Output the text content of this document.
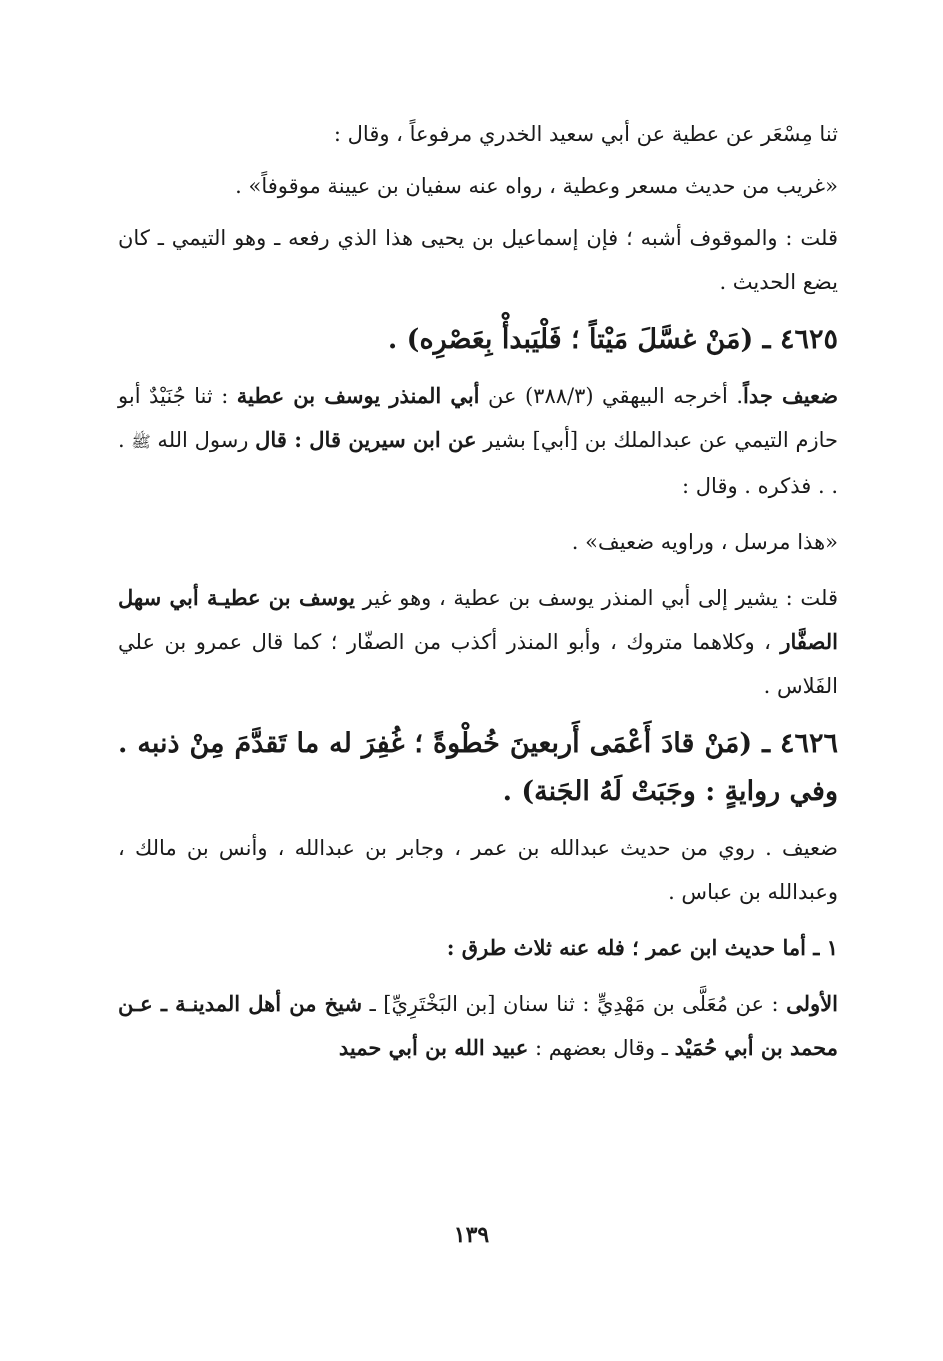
ثنا مِسْعَر عن عطية عن أبي سعيد الخدري مرفوعاً ، وقال :

«غريب من حديث مسعر وعطية ، رواه عنه سفيان بن عيينة موقوفاً» .

قلت : والموقوف أشبه ؛ فإن إسماعيل بن يحيى هذا الذي رفعه ـ وهو التيمي ـ كان يضع الحديث .

٤٦٢٥ ـ (مَنْ غسَّلَ مَيْتاً ؛ فَلْيَبدأْ بِعَصْرِه) .

ضعيف جداً. أخرجه البيهقي (٣٨٨/٣) عن أبي المنذر يوسف بن عطية : ثنا جُنَيْدٌ أبو حازم التيمي عن عبدالملك بن [أبي] بشير عن ابن سيرين قال : قال رسول الله ﷺ . . . فذكره . وقال :

«هذا مرسل ، وراويه ضعيف» .

قلت : يشير إلى أبي المنذر يوسف بن عطية ، وهو غير يوسف بن عطيـة أبي سهل الصفَّار ، وكلاهما متروك ، وأبو المنذر أكذب من الصفّار ؛ كما قال عمرو بن علي الفَلاس .

٤٦٢٦ ـ (مَنْ قادَ أَعْمَى أَربعينَ خُطْوةً ؛ غُفِرَ له ما تَقدَّمَ مِنْ ذنبه . وفي روايةٍ : وجَبَتْ لَهُ الجَنة) .

ضعيف . روي من حديث عبدالله بن عمر ، وجابر بن عبدالله ، وأنس بن مالك ، وعبدالله بن عباس .

١ ـ أما حديث ابن عمر ؛ فله عنه ثلاث طرق :

الأولى : عن مُعَلَّى بن مَهْدِيٍّ : ثنا سنان [بن البَخْتَرِيِّ] ـ شيخ من أهل المدينـة ـ عـن محمد بن أبي حُمَيْد ـ وقال بعضهم : عبيد الله بن أبي حميد

١٣٩
